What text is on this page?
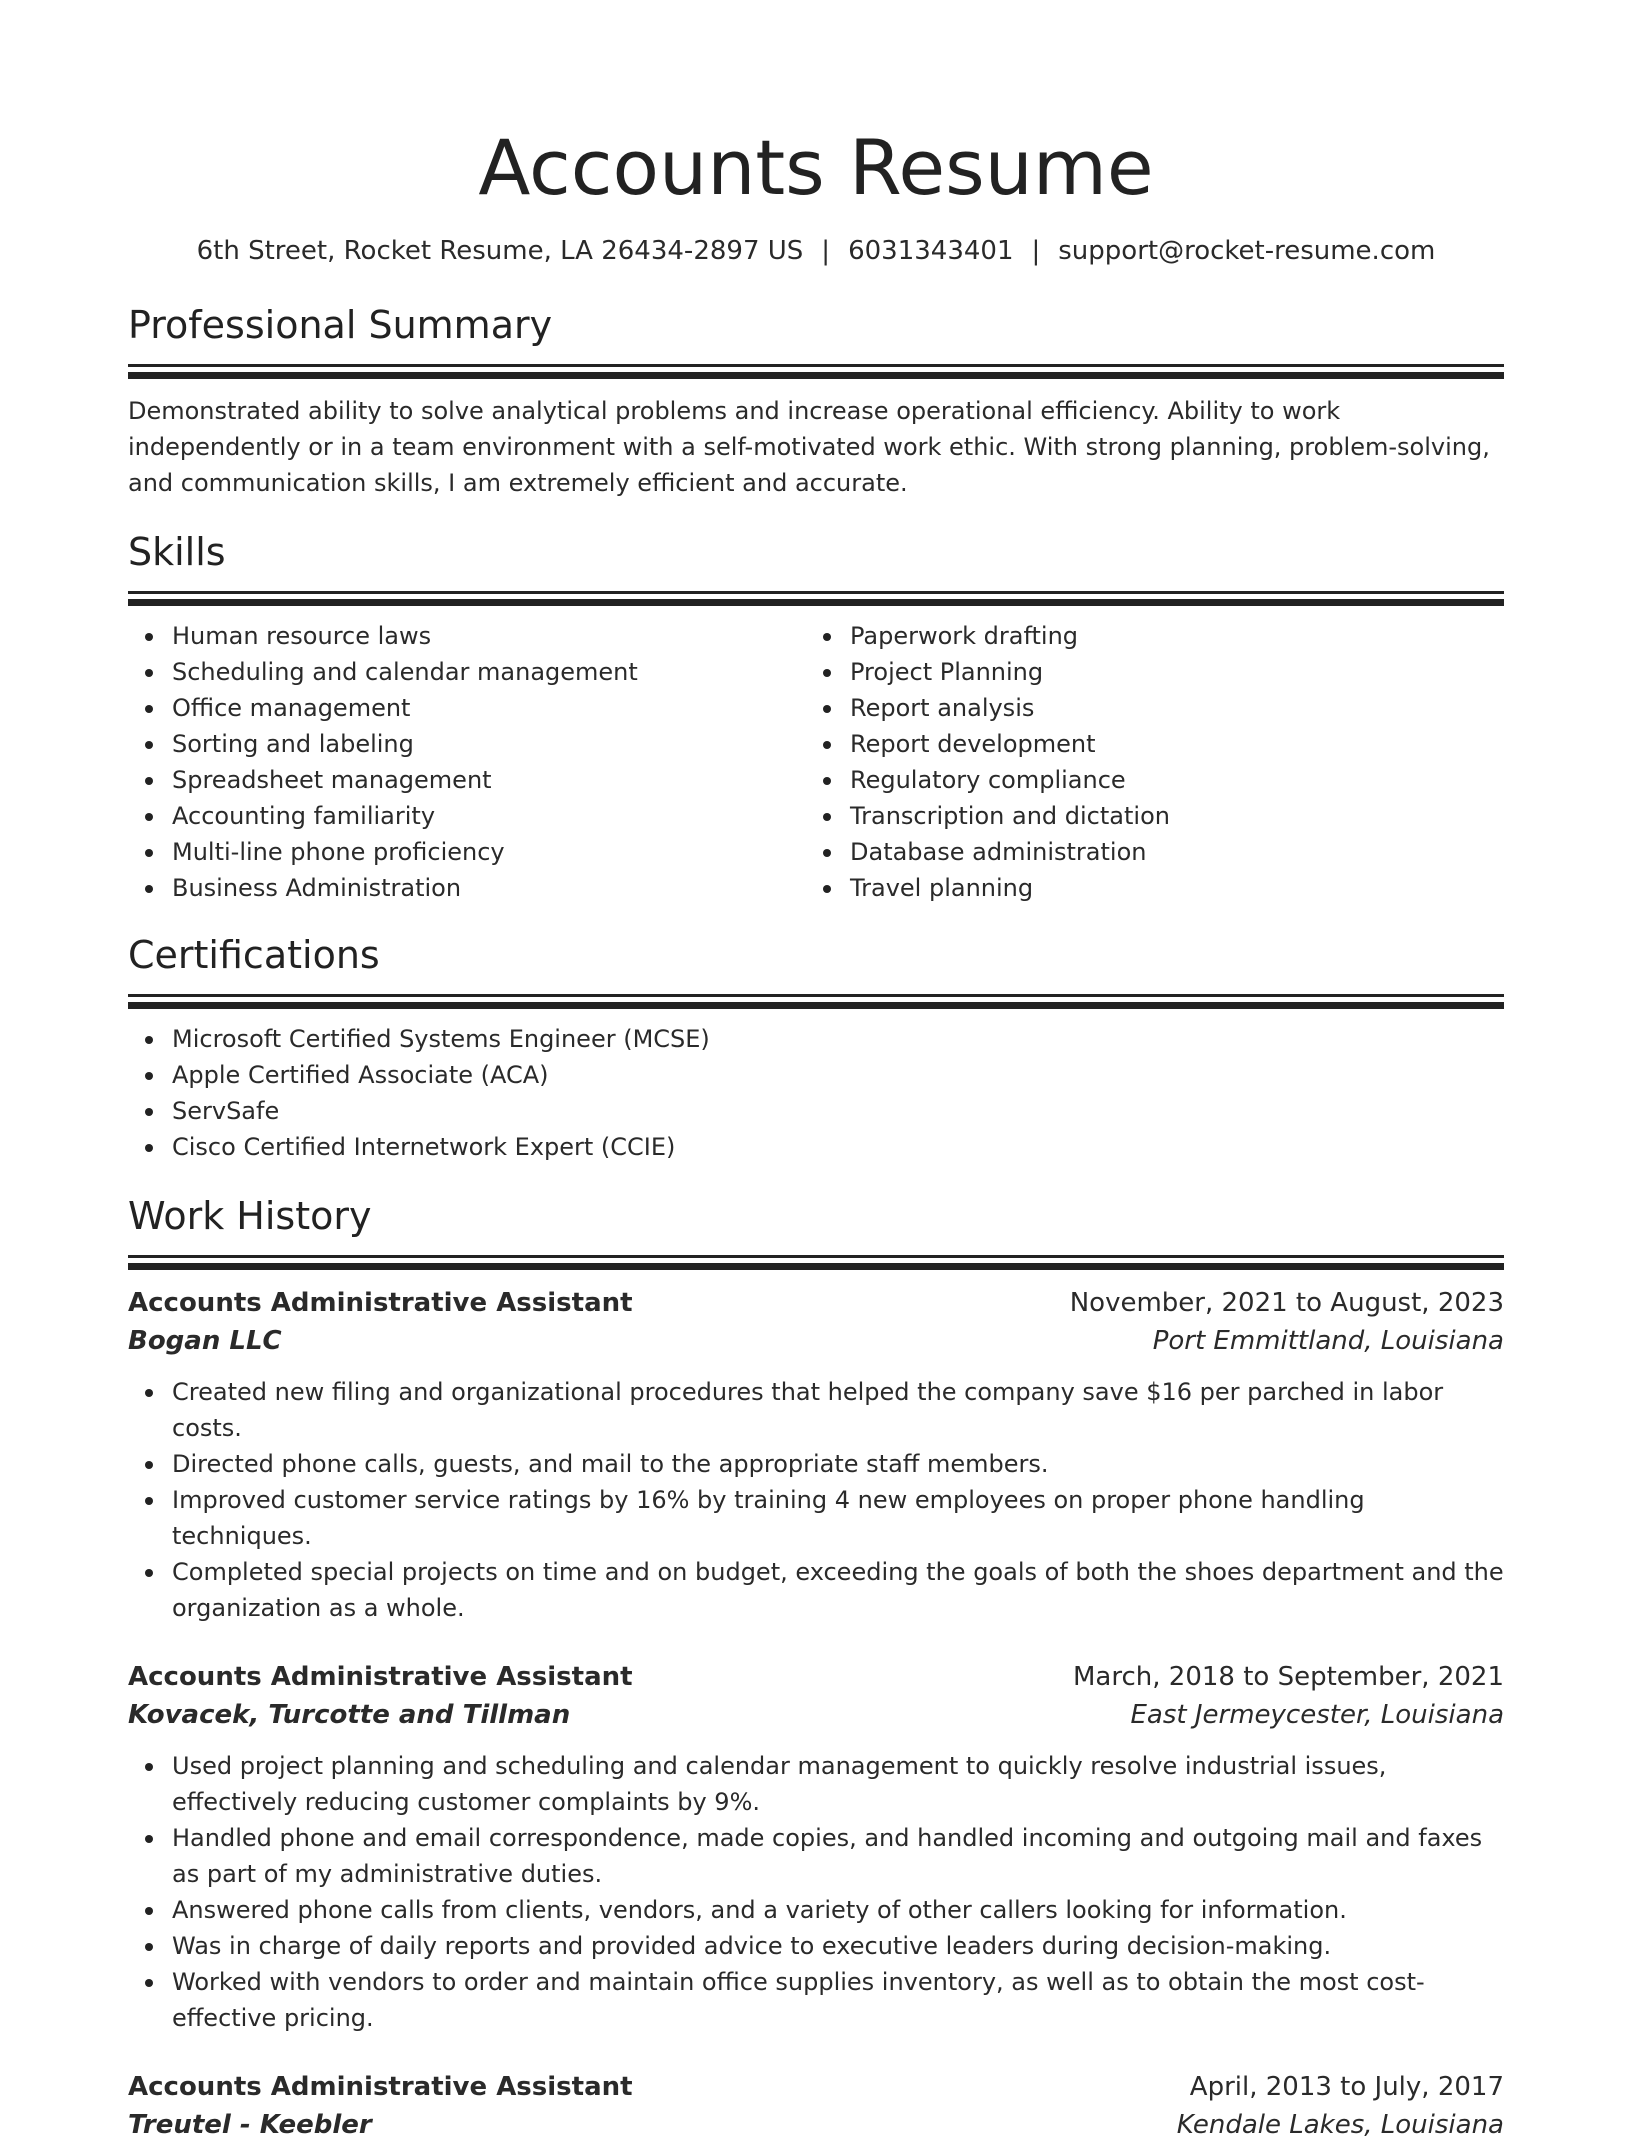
Accounts Resume
6th Street, Rocket Resume, LA 26434-2897 US | 6031343401 | support@rocket-resume.com
Professional Summary

Demonstrated ability to solve analytical problems and increase operational efficiency. Ability to work independently or in a team environment with a self-motivated work ethic. With strong planning, problem-solving, and communication skills, I am extremely efficient and accurate.

Skills
Human resource laws
Scheduling and calendar management
Office management
Sorting and labeling
Spreadsheet management
Accounting familiarity
Multi-line phone proficiency
Business Administration
Paperwork drafting
Project Planning
Report analysis
Report development
Regulatory compliance
Transcription and dictation
Database administration
Travel planning
Certifications
Microsoft Certified Systems Engineer (MCSE)
Apple Certified Associate (ACA)
ServSafe
Cisco Certified Internetwork Expert (CCIE)
Work History
Accounts Administrative Assistant	November, 2021 to August, 2023
Bogan LLC	Port Emmittland, Louisiana
Created new filing and organizational procedures that helped the company save $16 per parched in labor costs.
Directed phone calls, guests, and mail to the appropriate staff members.
Improved customer service ratings by 16% by training 4 new employees on proper phone handling techniques.
Completed special projects on time and on budget, exceeding the goals of both the shoes department and the organization as a whole.
Accounts Administrative Assistant	March, 2018 to September, 2021
Kovacek, Turcotte and Tillman	East Jermeycester, Louisiana
Used project planning and scheduling and calendar management to quickly resolve industrial issues, effectively reducing customer complaints by 9%.
Handled phone and email correspondence, made copies, and handled incoming and outgoing mail and faxes as part of my administrative duties.
Answered phone calls from clients, vendors, and a variety of other callers looking for information.
Was in charge of daily reports and provided advice to executive leaders during decision-making.
Worked with vendors to order and maintain office supplies inventory, as well as to obtain the most cost-effective pricing.
Accounts Administrative Assistant	April, 2013 to July, 2017
Treutel - Keebler	Kendale Lakes, Louisiana
